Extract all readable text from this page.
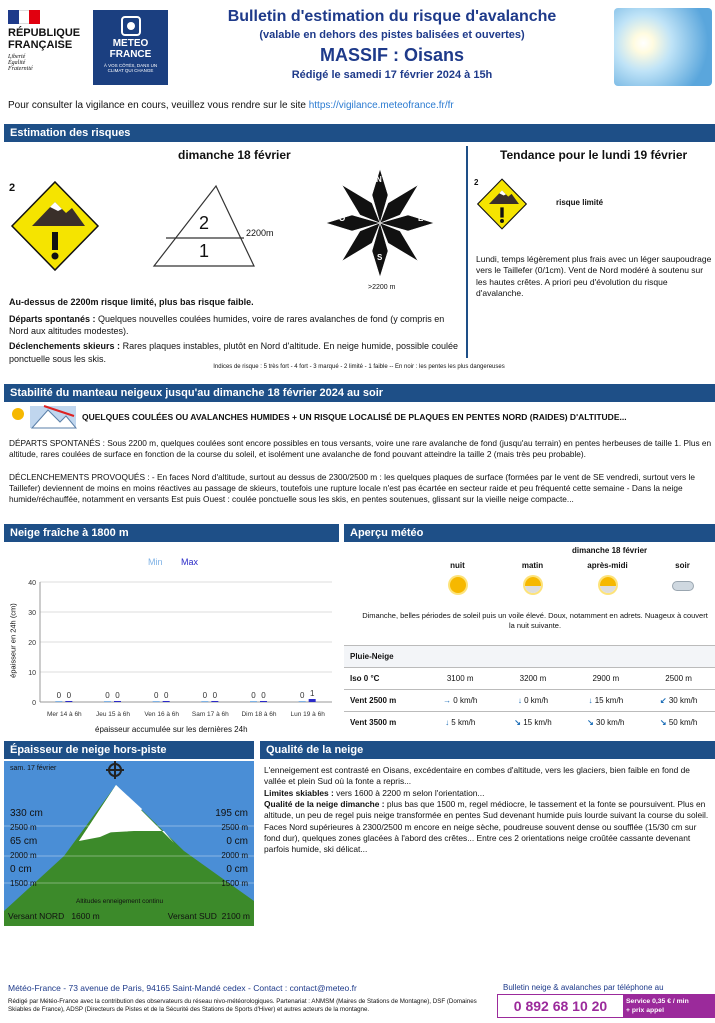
RÉPUBLIQUE
FRANÇAISE
Liberté
Égalité
Fraternité
METEO
FRANCE
À VOS CÔTÉS, DANS UN CLIMAT QUI CHANGE
Bulletin d'estimation du risque d'avalanche
(valable en dehors des pistes balisées et ouvertes)
MASSIF : Oisans
Rédigé le samedi 17 février 2024 à 15h
Pour consulter la vigilance en cours, veuillez vous rendre sur le site https://vigilance.meteofrance.fr/fr
Estimation des risques
dimanche 18 février
2
2
1
2200m
N
E
S
O
>2200 m

Au-dessus de 2200m risque limité, plus bas risque faible.

Départs spontanés : Quelques nouvelles coulées humides, voire de rares avalanches de fond (y compris en Nord aux altitudes modestes).

Déclenchements skieurs : Rares plaques instables, plutôt en Nord d'altitude. En neige humide, possible coulée ponctuelle sous les skis.

Indices de risque : 5 très fort - 4 fort - 3 marqué - 2 limité - 1 faible -- En noir : les pentes les plus dangereuses
Tendance pour le lundi 19 février
2
risque limité

Lundi, temps légèrement plus frais avec un léger saupoudrage vers le Taillefer (0/1cm). Vent de Nord modéré à soutenu sur les hautes crêtes. A priori peu d'évolution du risque d'avalanche.

Stabilité du manteau neigeux jusqu'au dimanche 18 février 2024 au soir
QUELQUES COULÉES OU AVALANCHES HUMIDES + UN RISQUE LOCALISÉ DE PLAQUES EN PENTES NORD (RAIDES) D'ALTITUDE...

DÉPARTS SPONTANÉS : Sous 2200 m, quelques coulées sont encore possibles en tous versants, voire une rare avalanche de fond (jusqu'au terrain) en pentes herbeuses de taille 1. Plus en altitude, rares coulées de surface en fonction de la course du soleil, et isolément une avalanche de fond pouvant atteindre la taille 2 (mais très peu probable).

DÉCLENCHEMENTS PROVOQUÉS : - En faces Nord d'altitude, surtout au dessus de 2300/2500 m : les quelques plaques de surface (formées par le vent de SE vendredi, surtout vers le Taillefer) deviennent de moins en moins réactives au passage de skieurs, toutefois une rupture locale n'est pas écartée en secteur raide et peu fréquenté cette semaine - Dans la neige humide/réchauffée, notamment en versants Est puis Ouest : coulée ponctuelle sous les skis, en pentes soutenues, glissant sur la vieille neige compacte...

Neige fraîche à 1800 m
Min Max
épaisseur en 24h (cm)
0
10
20
30
40
Mer 14 à 6h
0 0
Jeu 15 à 6h
0 0
Ven 16 à 6h
0 0
Sam 17 à 6h
0 0
Dim 18 à 6h
0 0
Lun 19 à 6h
0 1
épaisseur accumulée sur les dernières 24h
Aperçu météo
dimanche 18 février
nuit	matin	après-midi	soir

Dimanche, belles périodes de soleil puis un voile élevé. Doux, notamment en adrets. Nuageux à couvert la nuit suivante.

Pluie-Neige
Iso 0 °C	3100 m	3200 m	2900 m	2500 m
Vent 2500 m	→ 0 km/h	↓ 0 km/h	↓ 15 km/h	↙ 30 km/h
Vent 3500 m	↓ 5 km/h	↘ 15 km/h	↘ 30 km/h	↘ 50 km/h
Épaisseur de neige hors-piste
sam. 17 février
330 cm
2500 m
65 cm
2000 m
0 cm
1500 m
195 cm
2500 m
0 cm
2000 m
0 cm
1500 m
Altitudes enneigement continu
Versant NORD 1600 m	Versant SUD 2100 m
Qualité de la neige

L'enneigement est contrasté en Oisans, excédentaire en combes d'altitude, vers les glaciers, bien faible en fond de vallée et plein Sud où la fonte a repris...

Limites skiables : vers 1600 à 2200 m selon l'orientation...

Qualité de la neige dimanche : plus bas que 1500 m, regel médiocre, le tassement et la fonte se poursuivent. Plus en altitude, un peu de regel puis neige transformée en pentes Sud devenant humide puis lourde suivant la course du soleil. Faces Nord supérieures à 2300/2500 m encore en neige sèche, poudreuse souvent dense ou soufflée (15/30 cm sur fond dur), quelques zones glacées à l'abord des crêtes... Entre ces 2 orientations neige croûtée cassante devenant parfois humide, ski délicat...

Météo-France - 73 avenue de Paris, 94165 Saint-Mandé cedex - Contact : contact@meteo.fr

Rédigé par Météo-France avec la contribution des observateurs du réseau nivo-météorologiques. Partenariat : ANMSM (Maires de Stations de Montagne), DSF (Domaines Skiables de France), ADSP (Directeurs de Pistes et de la Sécurité des Stations de Sports d'Hiver) et autres acteurs de la montagne.

Bulletin neige & avalanches par téléphone au
0 892 68 10 20	Service 0,35 € / min
+ prix appel
